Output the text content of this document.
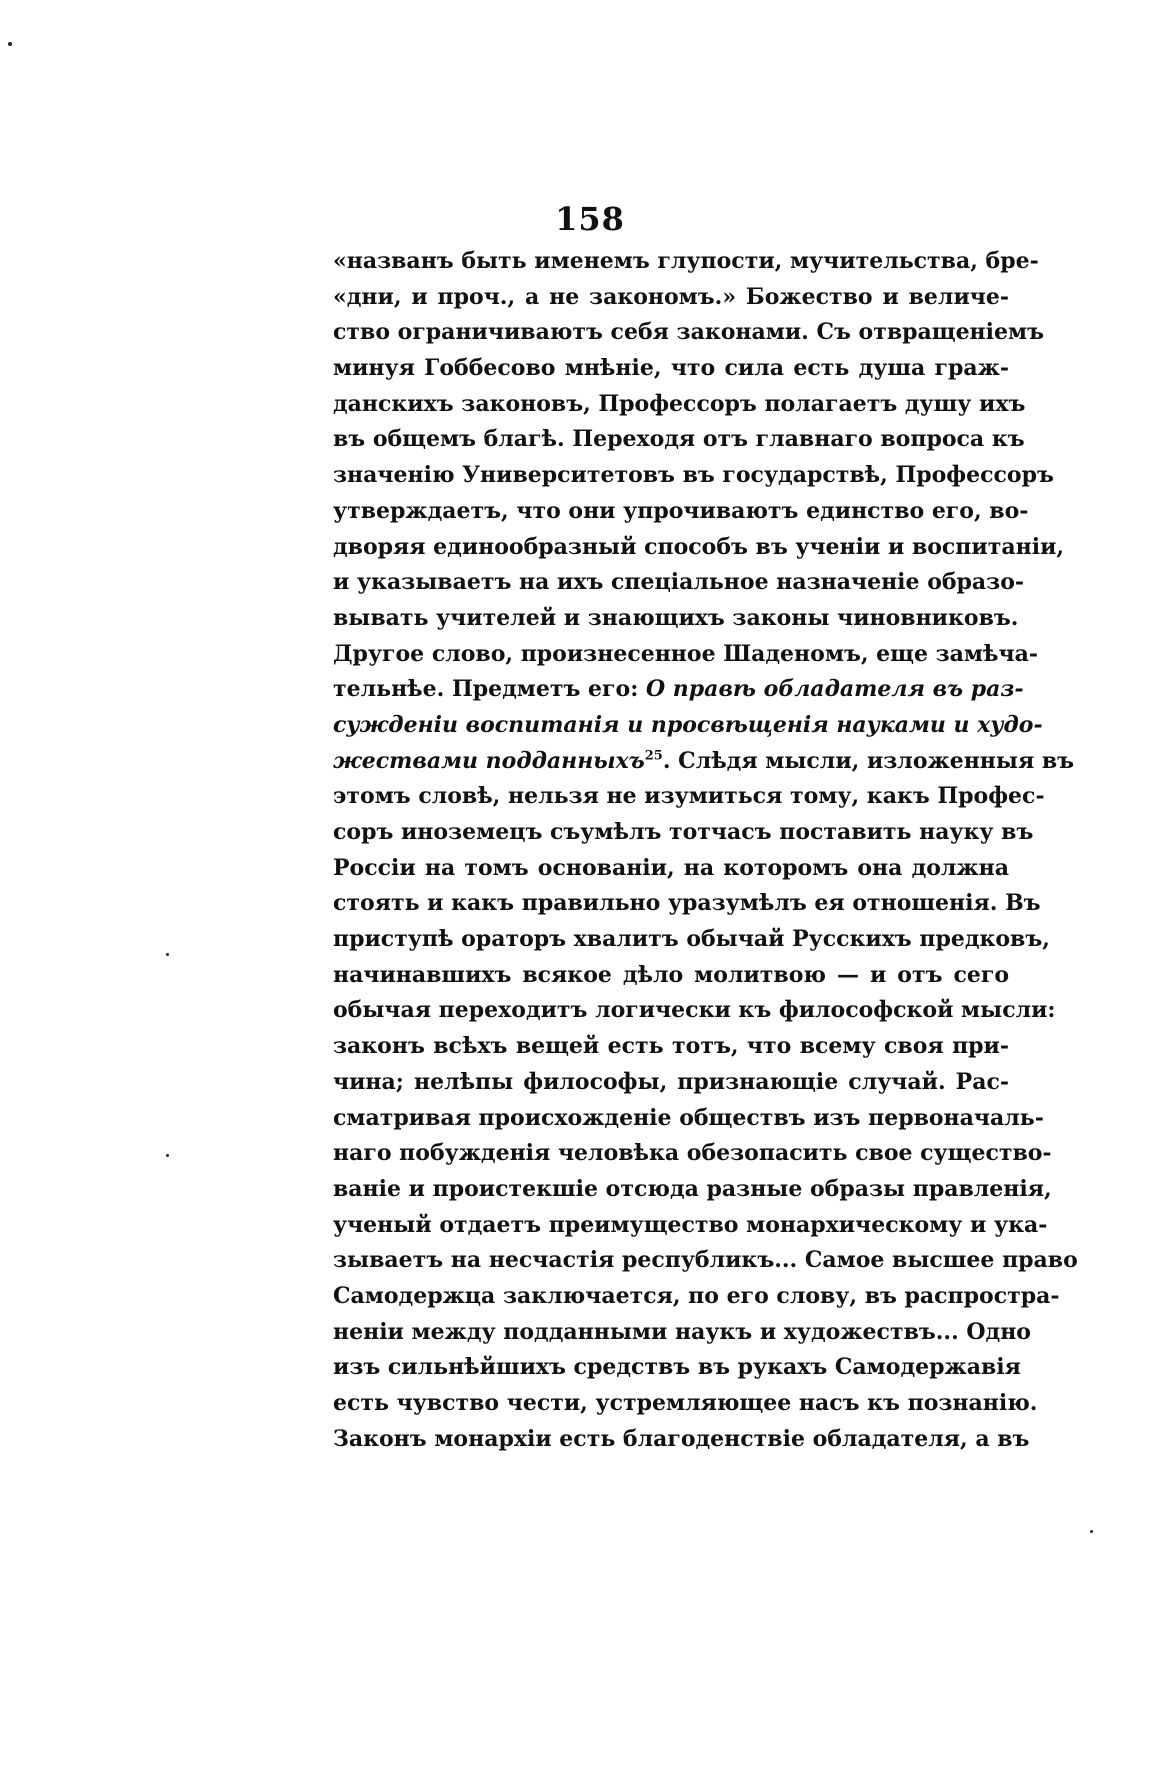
158
«названъ быть именемъ глупости, мучительства, бре-
«дни, и проч., а не закономъ.» Божество и величе-
ство ограничиваютъ себя законами. Съ отвращеніемъ
минуя Гоббесово мнѣніе, что сила есть душа граж-
данскихъ законовъ, Профессоръ полагаетъ душу ихъ
въ общемъ благѣ. Переходя отъ главнаго вопроса къ
значенію Университетовъ въ государствѣ, Профессоръ
утверждаетъ, что они упрочиваютъ единство его, во-
дворяя единообразный способъ въ ученіи и воспитаніи,
и указываетъ на ихъ спеціальное назначеніе образо-
вывать учителей и знающихъ законы чиновниковъ.
Другое слово, произнесенное Шаденомъ, еще замѣча-
тельнѣе. Предметъ его: О правѣ обладателя въ раз-
сужденіи воспитанія и просвѣщенія науками и худо-
жествами подданныхъ$^{25}$. Слѣдя мысли, изложенныя въ
этомъ словѣ, нельзя не изумиться тому, какъ Профес-
соръ иноземецъ съумѣлъ тотчасъ поставить науку въ
Россіи на томъ основаніи, на которомъ она должна
стоять и какъ правильно уразумѣлъ ея отношенія. Въ
приступѣ ораторъ хвалитъ обычай Русскихъ предковъ,
начинавшихъ всякое дѣло молитвою — и отъ сего
обычая переходитъ логически къ философской мысли:
законъ всѣхъ вещей есть тотъ, что всему своя при-
чина; нелѣпы философы, признающіе случай. Рас-
сматривая происхожденіе обществъ изъ первоначаль-
наго побужденія человѣка обезопасить свое существо-
ваніе и проистекшіе отсюда разные образы правленія,
ученый отдаетъ преимущество монархическому и ука-
зываетъ на несчастія республикъ... Самое высшее право
Самодержца заключается, по его слову, въ распростра-
неніи между подданными наукъ и художествъ... Одно
изъ сильнѣйшихъ средствъ въ рукахъ Самодержавія
есть чувство чести, устремляющее насъ къ познанію.
Законъ монархіи есть благоденствіе обладателя, а въ
